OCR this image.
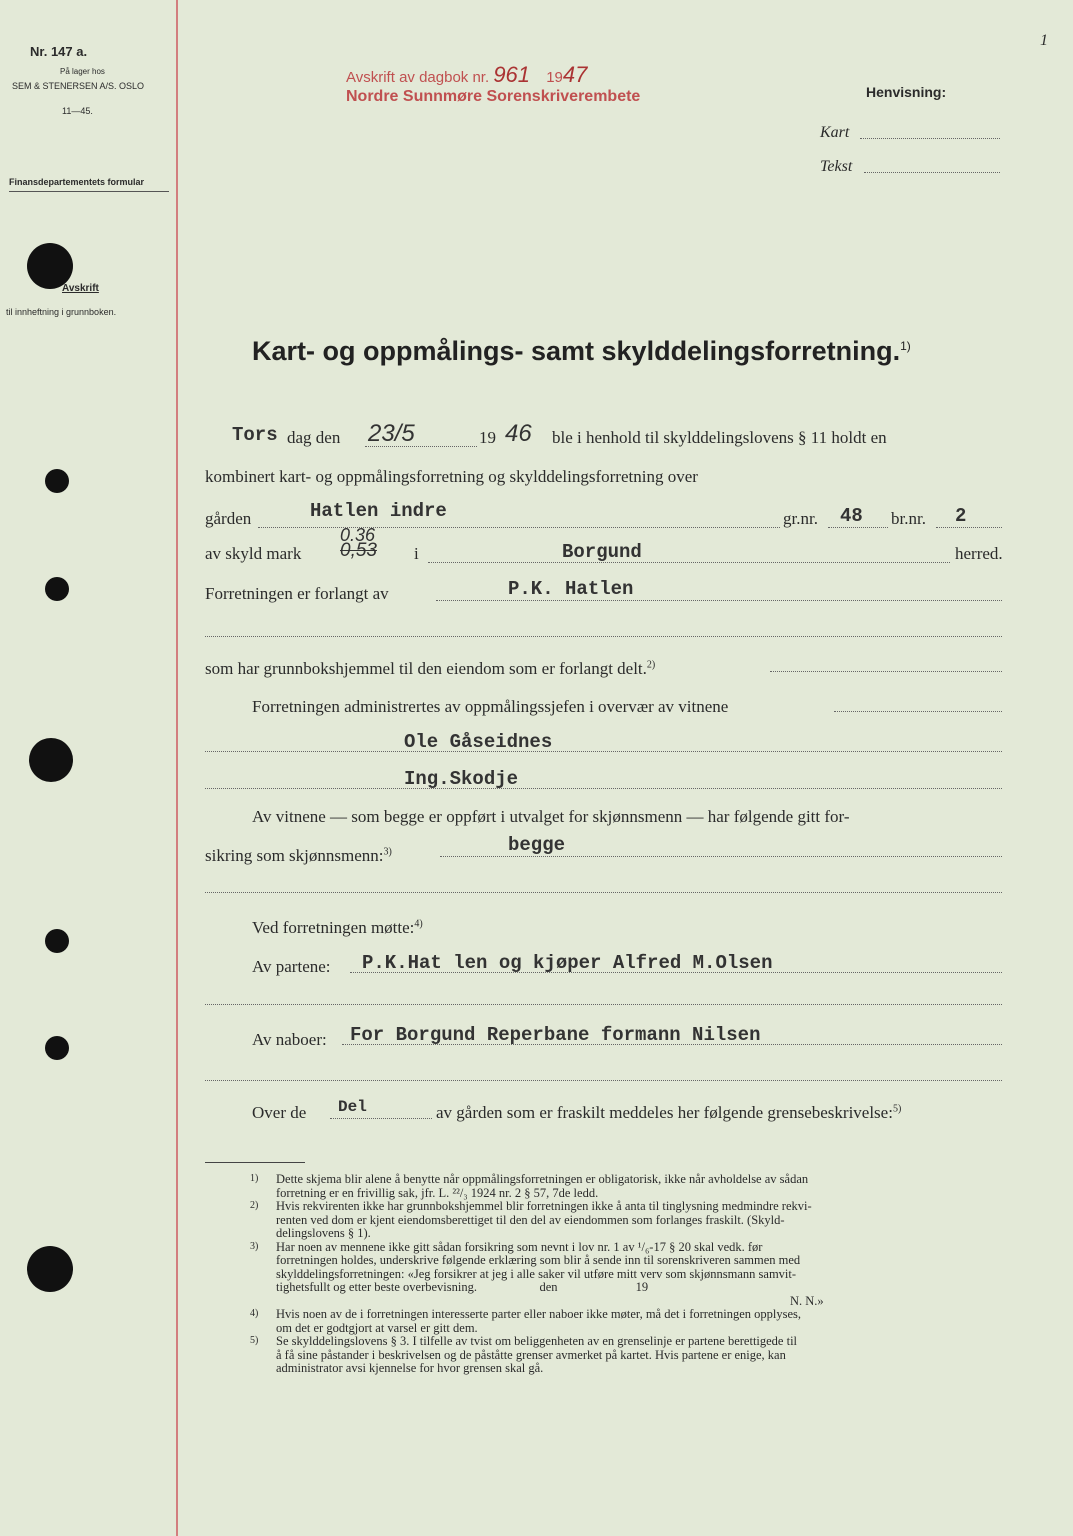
Nr. 147 a.
På lager hos
SEM & STENERSEN A/S. OSLO
11—45.
Finansdepartementets formular
Avskrift
til innheftning i grunnboken.
Avskrift av dagbok nr. 961 1947
Nordre Sunnmøre Sorenskriverembete	Henvisning:
Kart
Tekst
1
Kart- og oppmålings- samt skylddelingsforretning.$^{1)}$
Tors dag den 23/5	19 46 ble i henhold til skylddelingslovens § 11 holdt en
kombinert kart- og oppmålingsforretning og skylddelingsforretning over
gården	Hatlen indre	gr.nr. 48 br.nr. 2
av skyld mark
0.36
0,53 i	Borgund	herred.
Forretningen er forlangt av	P.K. Hatlen
som har grunnbokshjemmel til den eiendom som er forlangt delt.$^{2)}$
Forretningen administrertes av oppmålingssjefen i overvær av vitnene
Ole Gåseidnes
Ing.Skodje
Av vitnene — som begge er oppført i utvalget for skjønnsmenn — har følgende gitt for-
sikring som skjønnsmenn:$^{3)}$	begge
Ved forretningen møtte:$^{4)}$
Av partene: P.K.Hat len og kjøper Alfred M.Olsen
Av naboer: For Borgund Reperbane formann Nilsen
Over de Del	av gården som er fraskilt meddeles her følgende grensebeskrivelse:$^{5)}$
1) Dette skjema blir alene å benytte når oppmålingsforretningen er obligatorisk, ikke når avholdelse av sådan
forretning er en frivillig sak, jfr. L. ²²/₃ 1924 nr. 2 § 57, 7de ledd.
2) Hvis rekvirenten ikke har grunnbokshjemmel blir forretningen ikke å anta til tinglysning medmindre rekvi-
renten ved dom er kjent eiendomsberettiget til den del av eiendommen som forlanges fraskilt. (Skyld-
delingslovens § 1).
3) Har noen av mennene ikke gitt sådan forsikring som nevnt i lov nr. 1 av ¹/₆-17 § 20 skal vedk. før
forretningen holdes, underskrive følgende erklæring som blir å sende inn til sorenskriveren sammen med
skylddelingsforretningen: «Jeg forsikrer at jeg i alle saker vil utføre mitt verv som skjønnsmann samvit-
tighetsfullt og etter beste overbevisning.                    den                         19
N. N.»
4) Hvis noen av de i forretningen interesserte parter eller naboer ikke møter, må det i forretningen opplyses,
om det er godtgjort at varsel er gitt dem.
5) Se skylddelingslovens § 3. I tilfelle av tvist om beliggenheten av en grenselinje er partene berettigede til
å få sine påstander i beskrivelsen og de påståtte grenser avmerket på kartet. Hvis partene er enige, kan
administrator avsi kjennelse for hvor grensen skal gå.
